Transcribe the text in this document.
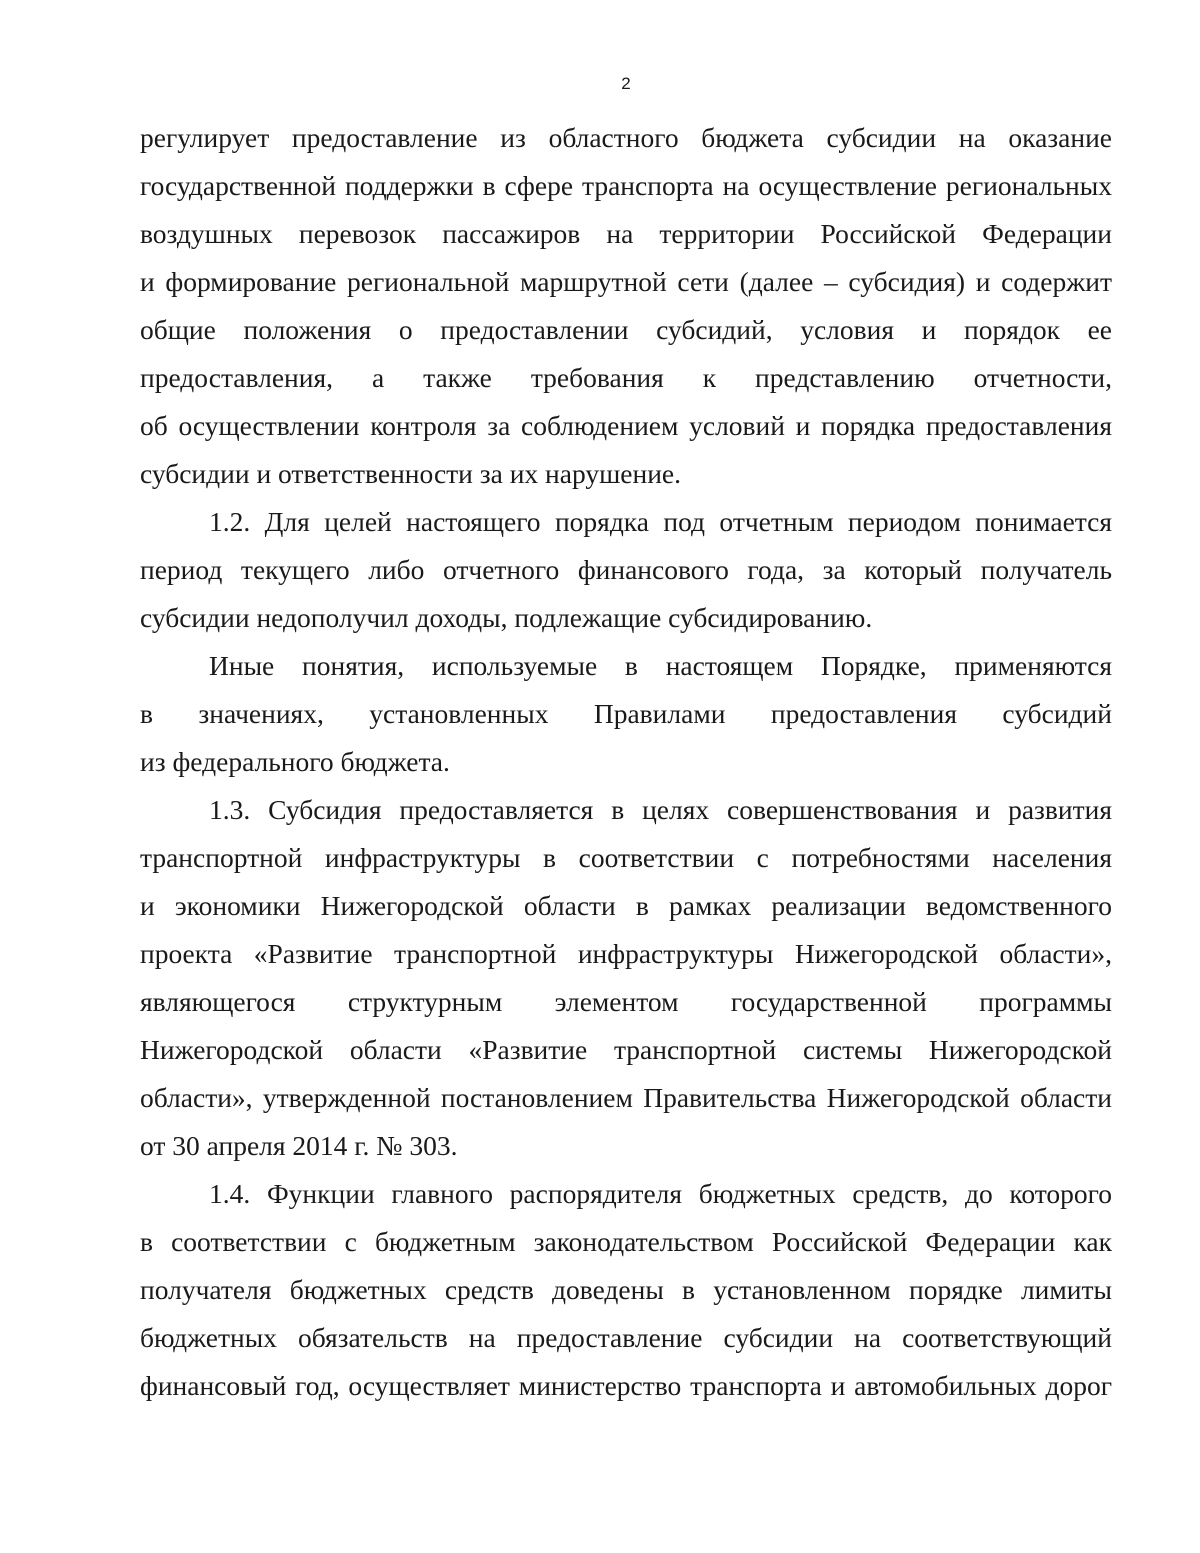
2
регулирует предоставление из областного бюджета субсидии на оказание
государственной поддержки в сфере транспорта на осуществление региональных
воздушных перевозок пассажиров на территории Российской Федерации
и формирование региональной маршрутной сети (далее – субсидия) и содержит
общие положения о предоставлении субсидий, условия и порядок ее
предоставления, а также требования к представлению отчетности,
об осуществлении контроля за соблюдением условий и порядка предоставления
субсидии и ответственности за их нарушение.
1.2. Для целей настоящего порядка под отчетным периодом понимается
период текущего либо отчетного финансового года, за который получатель
субсидии недополучил доходы, подлежащие субсидированию.
Иные понятия, используемые в настоящем Порядке, применяются
в значениях, установленных Правилами предоставления субсидий
из федерального бюджета.
1.3. Субсидия предоставляется в целях совершенствования и развития
транспортной инфраструктуры в соответствии с потребностями населения
и экономики Нижегородской области в рамках реализации ведомственного
проекта «Развитие транспортной инфраструктуры Нижегородской области»,
являющегося структурным элементом государственной программы
Нижегородской области «Развитие транспортной системы Нижегородской
области», утвержденной постановлением Правительства Нижегородской области
от 30 апреля 2014 г. № 303.
1.4. Функции главного распорядителя бюджетных средств, до которого
в соответствии с бюджетным законодательством Российской Федерации как
получателя бюджетных средств доведены в установленном порядке лимиты
бюджетных обязательств на предоставление субсидии на соответствующий
финансовый год, осуществляет министерство транспорта и автомобильных дорог
